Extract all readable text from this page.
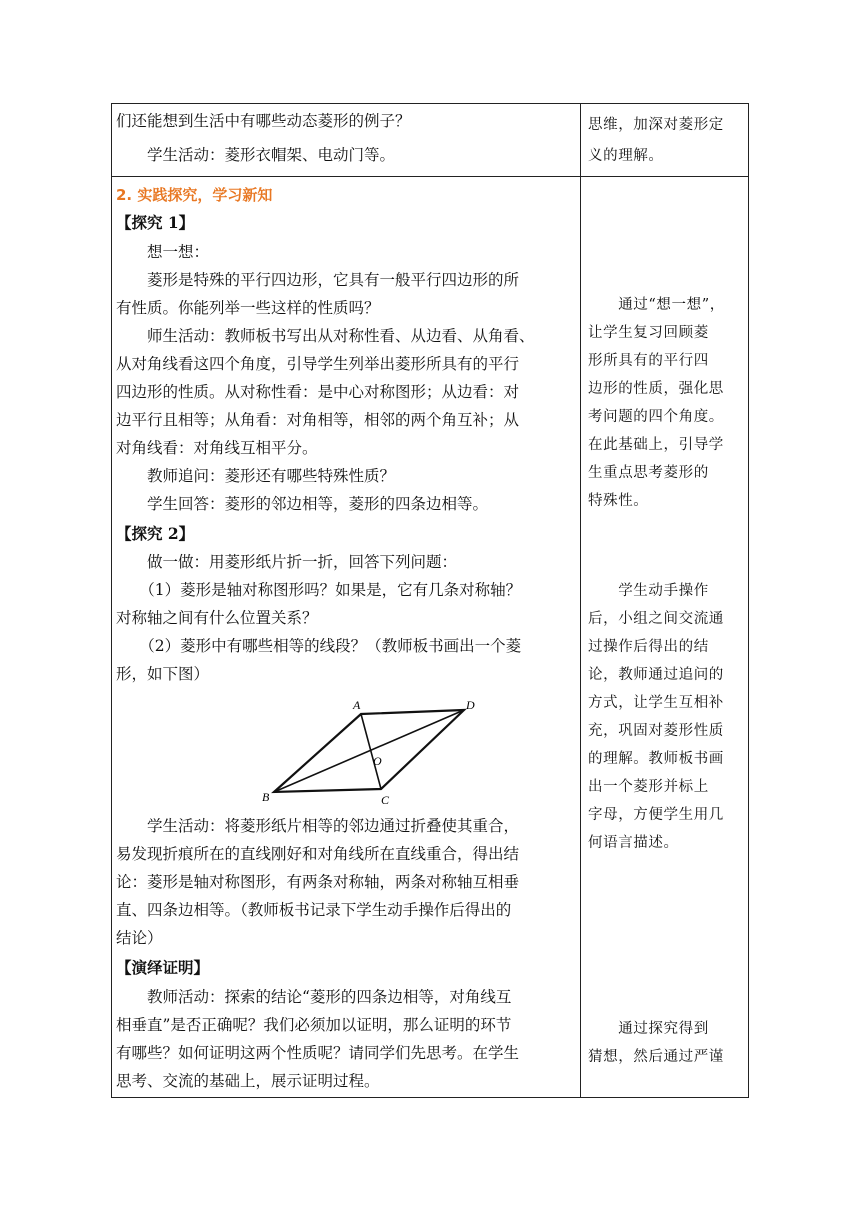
们还能想到生活中有哪些动态菱形的例子？
　　学生活动：菱形衣帽架、电动门等。
2. 实践探究，学习新知
【探究 1】
　　想一想：
　　菱形是特殊的平行四边形，它具有一般平行四边形的所
有性质。你能列举一些这样的性质吗？
　　师生活动：教师板书写出从对称性看、从边看、从角看、
从对角线看这四个角度，引导学生列举出菱形所具有的平行
四边形的性质。从对称性看：是中心对称图形；从边看：对
边平行且相等；从角看：对角相等，相邻的两个角互补；从
对角线看：对角线互相平分。
　　教师追问：菱形还有哪些特殊性质？
　　学生回答：菱形的邻边相等，菱形的四条边相等。
【探究 2】
　　做一做：用菱形纸片折一折，回答下列问题：
　　（1）菱形是轴对称图形吗？如果是，它有几条对称轴？
对称轴之间有什么位置关系？
　　（2）菱形中有哪些相等的线段？（教师板书画出一个菱
形，如下图）
A	D
O
B	C
　　学生活动：将菱形纸片相等的邻边通过折叠使其重合，
易发现折痕所在的直线刚好和对角线所在直线重合，得出结
论：菱形是轴对称图形，有两条对称轴，两条对称轴互相垂
直、四条边相等。（教师板书记录下学生动手操作后得出的
结论）
【演绎证明】
　　教师活动：探索的结论“菱形的四条边相等，对角线互
相垂直”是否正确呢？我们必须加以证明，那么证明的环节
有哪些？如何证明这两个性质呢？请同学们先思考。在学生
思考、交流的基础上，展示证明过程。
思维，加深对菱形定
义的理解。
　　通过“想一想”，
让学生复习回顾菱
形所具有的平行四
边形的性质，强化思
考问题的四个角度。
在此基础上，引导学
生重点思考菱形的
特殊性。
　　学生动手操作
后，小组之间交流通
过操作后得出的结
论，教师通过追问的
方式，让学生互相补
充，巩固对菱形性质
的理解。教师板书画
出一个菱形并标上
字母，方便学生用几
何语言描述。
　　通过探究得到
猜想，然后通过严谨
